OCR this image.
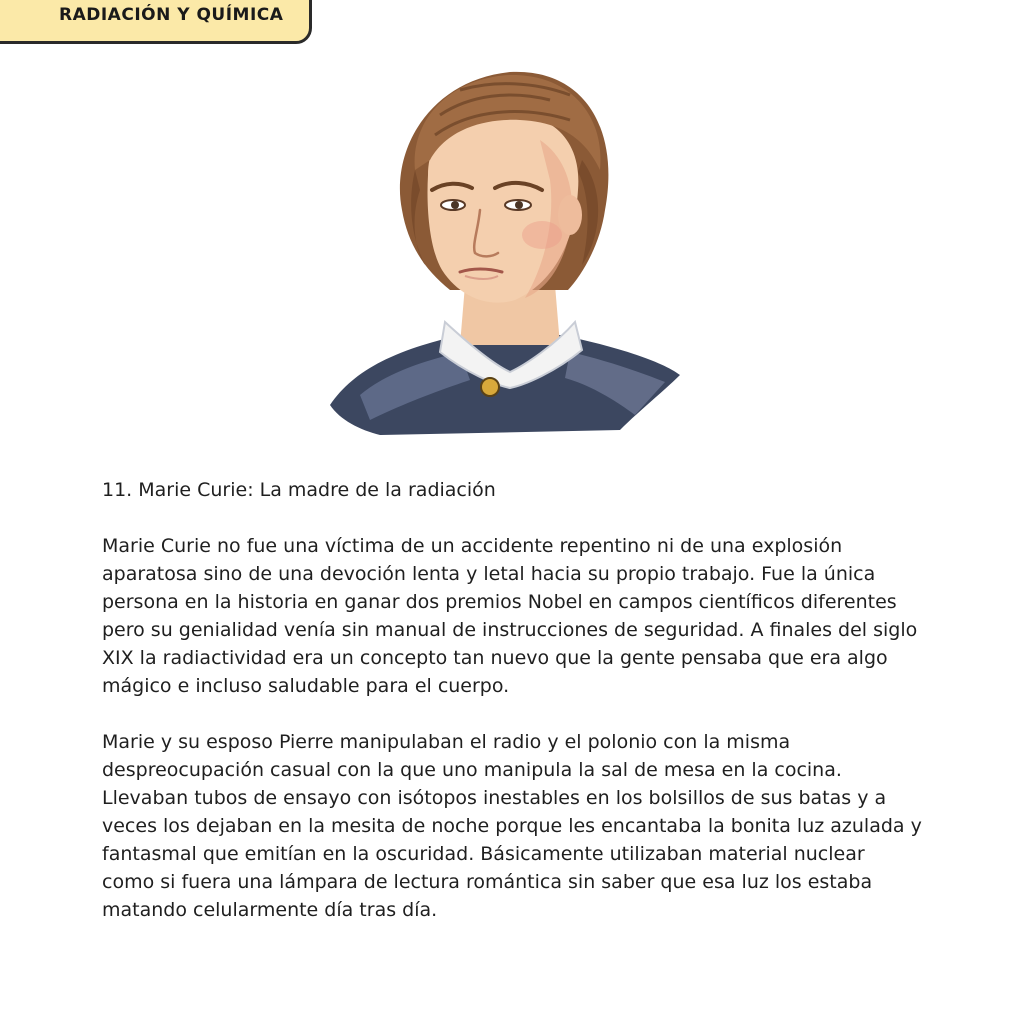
RADIACIÓN Y QUÍMICA

11. Marie Curie: La madre de la radiación

Marie Curie no fue una víctima de un accidente repentino ni de una explosión aparatosa sino de una devoción lenta y letal hacia su propio trabajo. Fue la única persona en la historia en ganar dos premios Nobel en campos científicos diferentes pero su genialidad venía sin manual de instrucciones de seguridad. A finales del siglo XIX la radiactividad era un concepto tan nuevo que la gente pensaba que era algo mágico e incluso saludable para el cuerpo.

Marie y su esposo Pierre manipulaban el radio y el polonio con la misma despreocupación casual con la que uno manipula la sal de mesa en la cocina. Llevaban tubos de ensayo con isótopos inestables en los bolsillos de sus batas y a veces los dejaban en la mesita de noche porque les encantaba la bonita luz azulada y fantasmal que emitían en la oscuridad. Básicamente utilizaban material nuclear como si fuera una lámpara de lectura romántica sin saber que esa luz los estaba matando celularmente día tras día.
